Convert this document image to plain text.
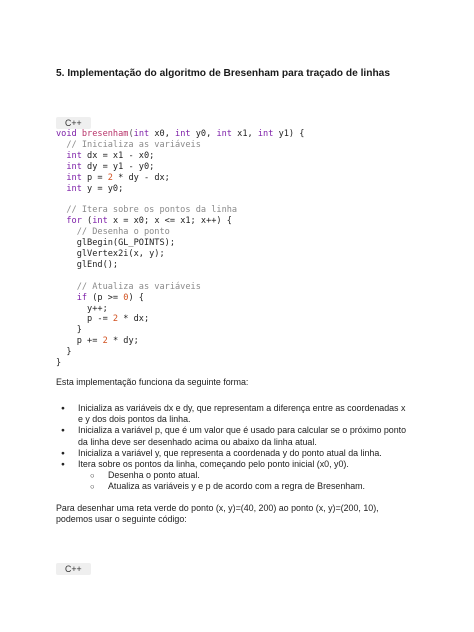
5. Implementação do algoritmo de Bresenham para traçado de linhas
C++
void bresenham(int x0, int y0, int x1, int y1) {
// Inicializa as variáveis
int dx = x1 - x0;
int dy = y1 - y0;
int p = 2 * dy - dx;
int y = y0;

// Itera sobre os pontos da linha
for (int x = x0; x <= x1; x++) {
// Desenha o ponto
glBegin(GL_POINTS);
glVertex2i(x, y);
glEnd();

// Atualiza as variáveis
if (p >= 0) {
y++;
p -= 2 * dx;
}
p += 2 * dy;
}
}
Esta implementação funciona da seguinte forma:
● Inicializa as variáveis dx e dy, que representam a diferença entre as coordenadas x e y dos dois pontos da linha.
● Inicializa a variável p, que é um valor que é usado para calcular se o próximo ponto da linha deve ser desenhado acima ou abaixo da linha atual.
● Inicializa a variável y, que representa a coordenada y do ponto atual da linha.
● Itera sobre os pontos da linha, começando pelo ponto inicial (x0, y0).
○ Desenha o ponto atual.
○ Atualiza as variáveis y e p de acordo com a regra de Bresenham.
Para desenhar uma reta verde do ponto (x, y)=(40, 200) ao ponto (x, y)=(200, 10), podemos usar o seguinte código:
C++
